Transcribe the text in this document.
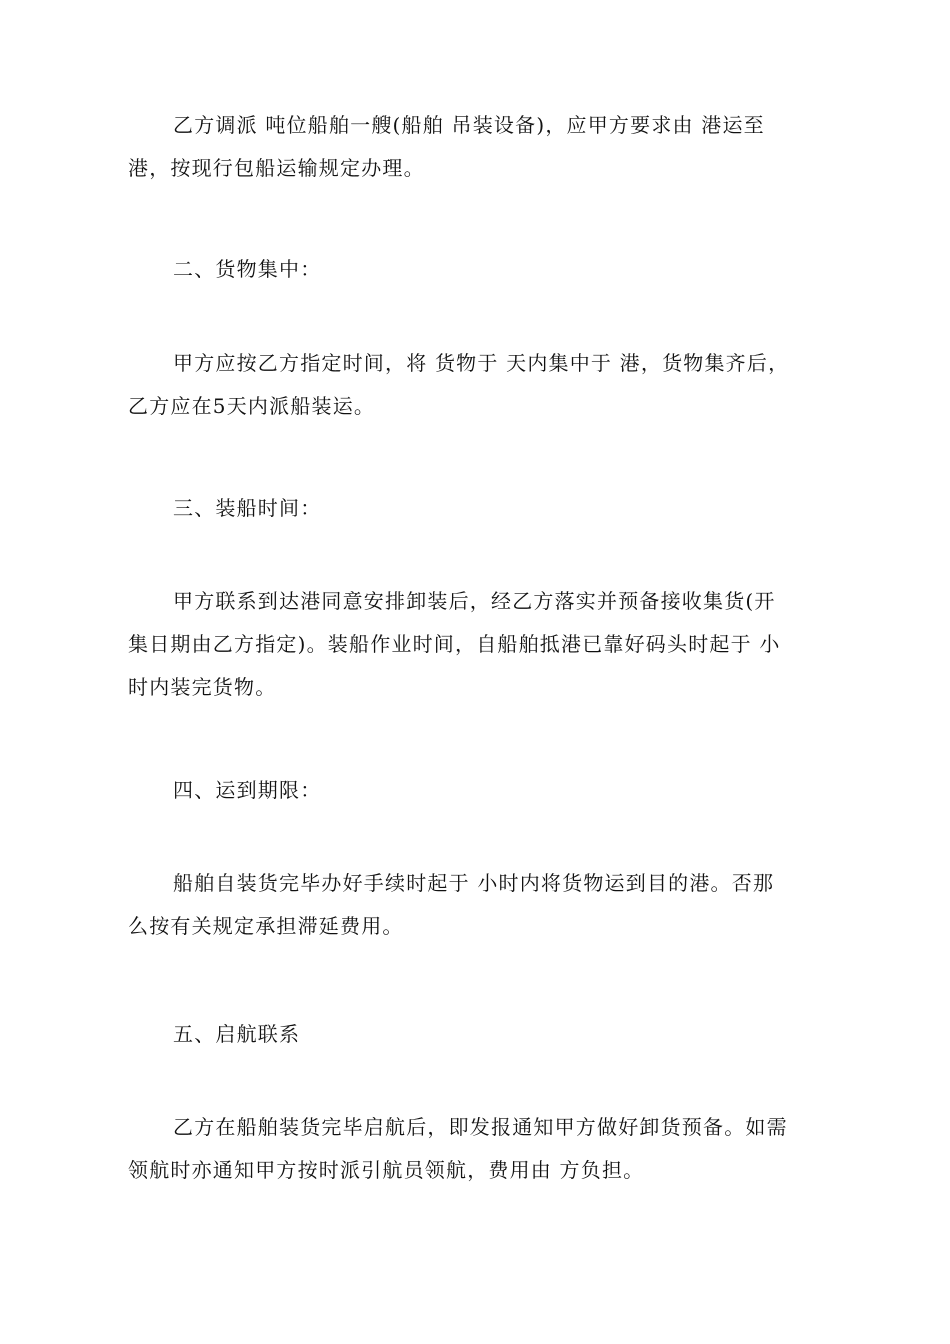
乙方调派 吨位船舶一艘(船舶 吊装设备)，应甲方要求由 港运至
港，按现行包船运输规定办理。

二、货物集中：

甲方应按乙方指定时间，将 货物于 天内集中于 港，货物集齐后，
乙方应在5天内派船装运。

三、装船时间：

甲方联系到达港同意安排卸装后，经乙方落实并预备接收集货(开
集日期由乙方指定)。装船作业时间，自船舶抵港已靠好码头时起于 小
时内装完货物。

四、运到期限：

船舶自装货完毕办好手续时起于 小时内将货物运到目的港。否那
么按有关规定承担滞延费用。

五、启航联系

乙方在船舶装货完毕启航后，即发报通知甲方做好卸货预备。如需
领航时亦通知甲方按时派引航员领航，费用由 方负担。
